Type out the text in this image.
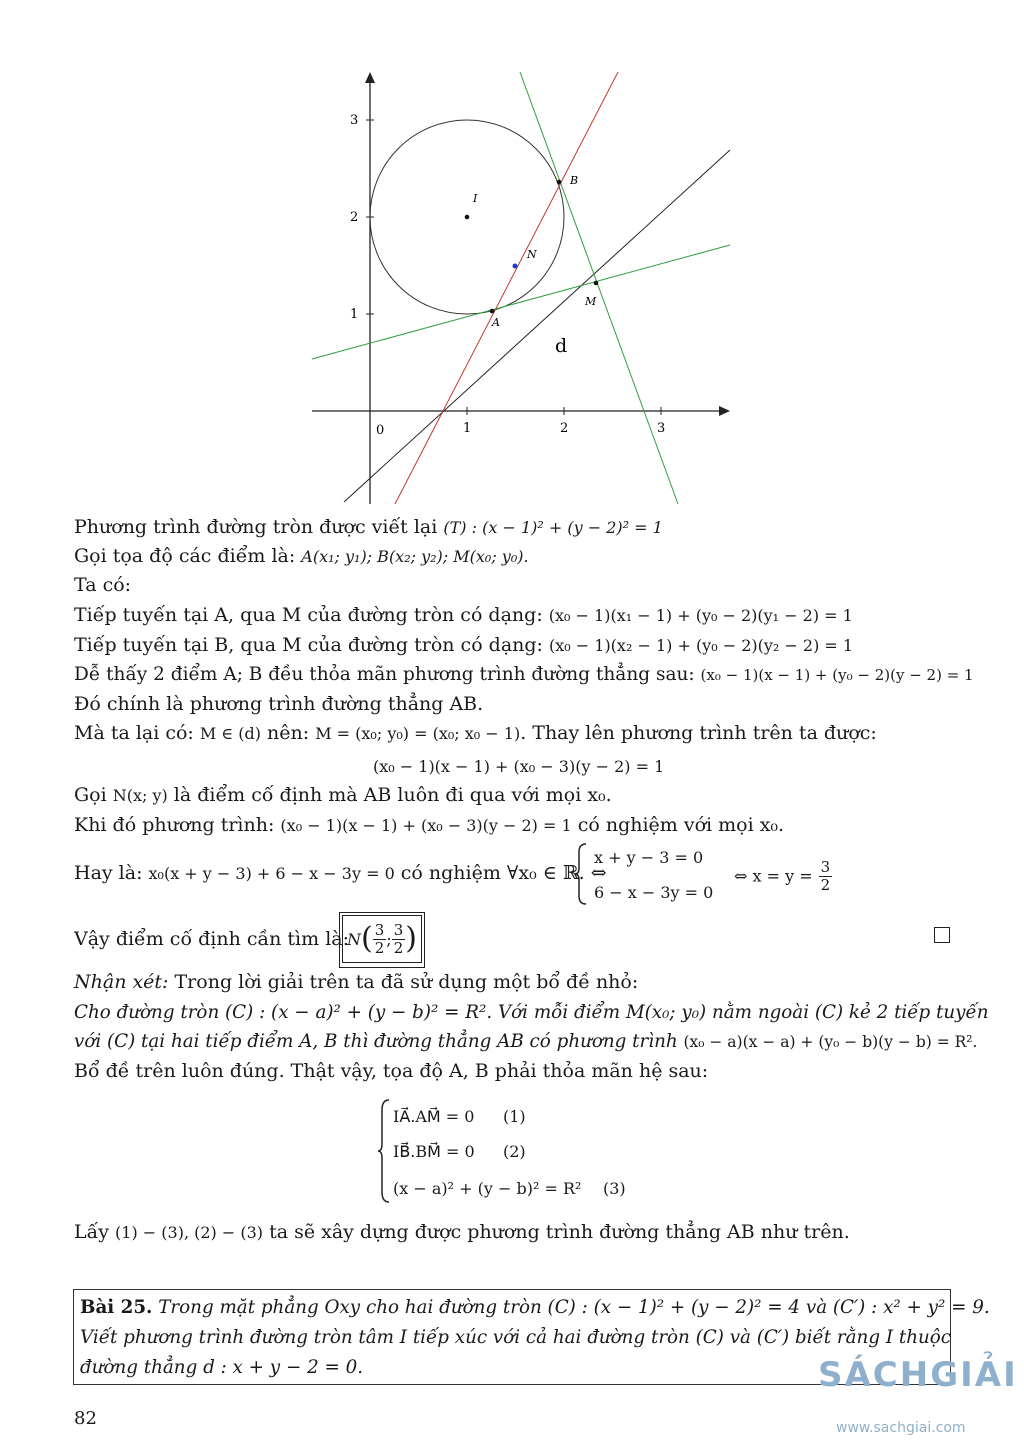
0	1	2	3
1
2
3
I
B
N
M
A
d
Phương trình đường tròn được viết lại (T) : (x − 1)² + (y − 2)² = 1
Gọi tọa độ các điểm là: A(x₁; y₁); B(x₂; y₂); M(x₀; y₀).
Ta có:
Tiếp tuyến tại A, qua M của đường tròn có dạng: (x₀ − 1)(x₁ − 1) + (y₀ − 2)(y₁ − 2) = 1
Tiếp tuyến tại B, qua M của đường tròn có dạng: (x₀ − 1)(x₂ − 1) + (y₀ − 2)(y₂ − 2) = 1
Dễ thấy 2 điểm A; B đều thỏa mãn phương trình đường thẳng sau: (x₀ − 1)(x − 1) + (y₀ − 2)(y − 2) = 1
Đó chính là phương trình đường thẳng AB.
Mà ta lại có: M ∈ (d) nên: M = (x₀; y₀) = (x₀; x₀ − 1). Thay lên phương trình trên ta được:
(x₀ − 1)(x − 1) + (x₀ − 3)(y − 2) = 1
Gọi N(x; y) là điểm cố định mà AB luôn đi qua với mọi x₀.
Khi đó phương trình: (x₀ − 1)(x − 1) + (x₀ − 3)(y − 2) = 1 có nghiệm với mọi x₀.
Hay là: x₀(x + y − 3) + 6 − x − 3y = 0 có nghiệm ∀x₀ ∈ ℝ. ⇔
x + y − 3 = 0
6 − x − 3y = 0
⇔ $x = y = \frac{3}{2}$
Vậy điểm cố định cần tìm là:
N ( $\frac{3}{2}$ ; $\frac{3}{2}$ )
Nhận xét: Trong lời giải trên ta đã sử dụng một bổ đề nhỏ:
Cho đường tròn (C) : (x − a)² + (y − b)² = R². Với mỗi điểm M(x₀; y₀) nằm ngoài (C) kẻ 2 tiếp tuyến
với (C) tại hai tiếp điểm A, B thì đường thẳng AB có phương trình (x₀ − a)(x − a) + (y₀ − b)(y − b) = R².
Bổ đề trên luôn đúng. Thật vậy, tọa độ A, B phải thỏa mãn hệ sau:
IA⃗.AM⃗ = 0 (1)
IB⃗.BM⃗ = 0 (2)
(x − a)² + (y − b)² = R² (3)
Lấy (1) − (3), (2) − (3) ta sẽ xây dựng được phương trình đường thẳng AB như trên.
Bài 25. Trong mặt phẳng Oxy cho hai đường tròn (C) : (x − 1)² + (y − 2)² = 4 và (C′) : x² + y² = 9.
Viết phương trình đường tròn tâm I tiếp xúc với cả hai đường tròn (C) và (C′) biết rằng I thuộc
đường thẳng d : x + y − 2 = 0.
82
SÁCHGIẢI
www.sachgiai.com
